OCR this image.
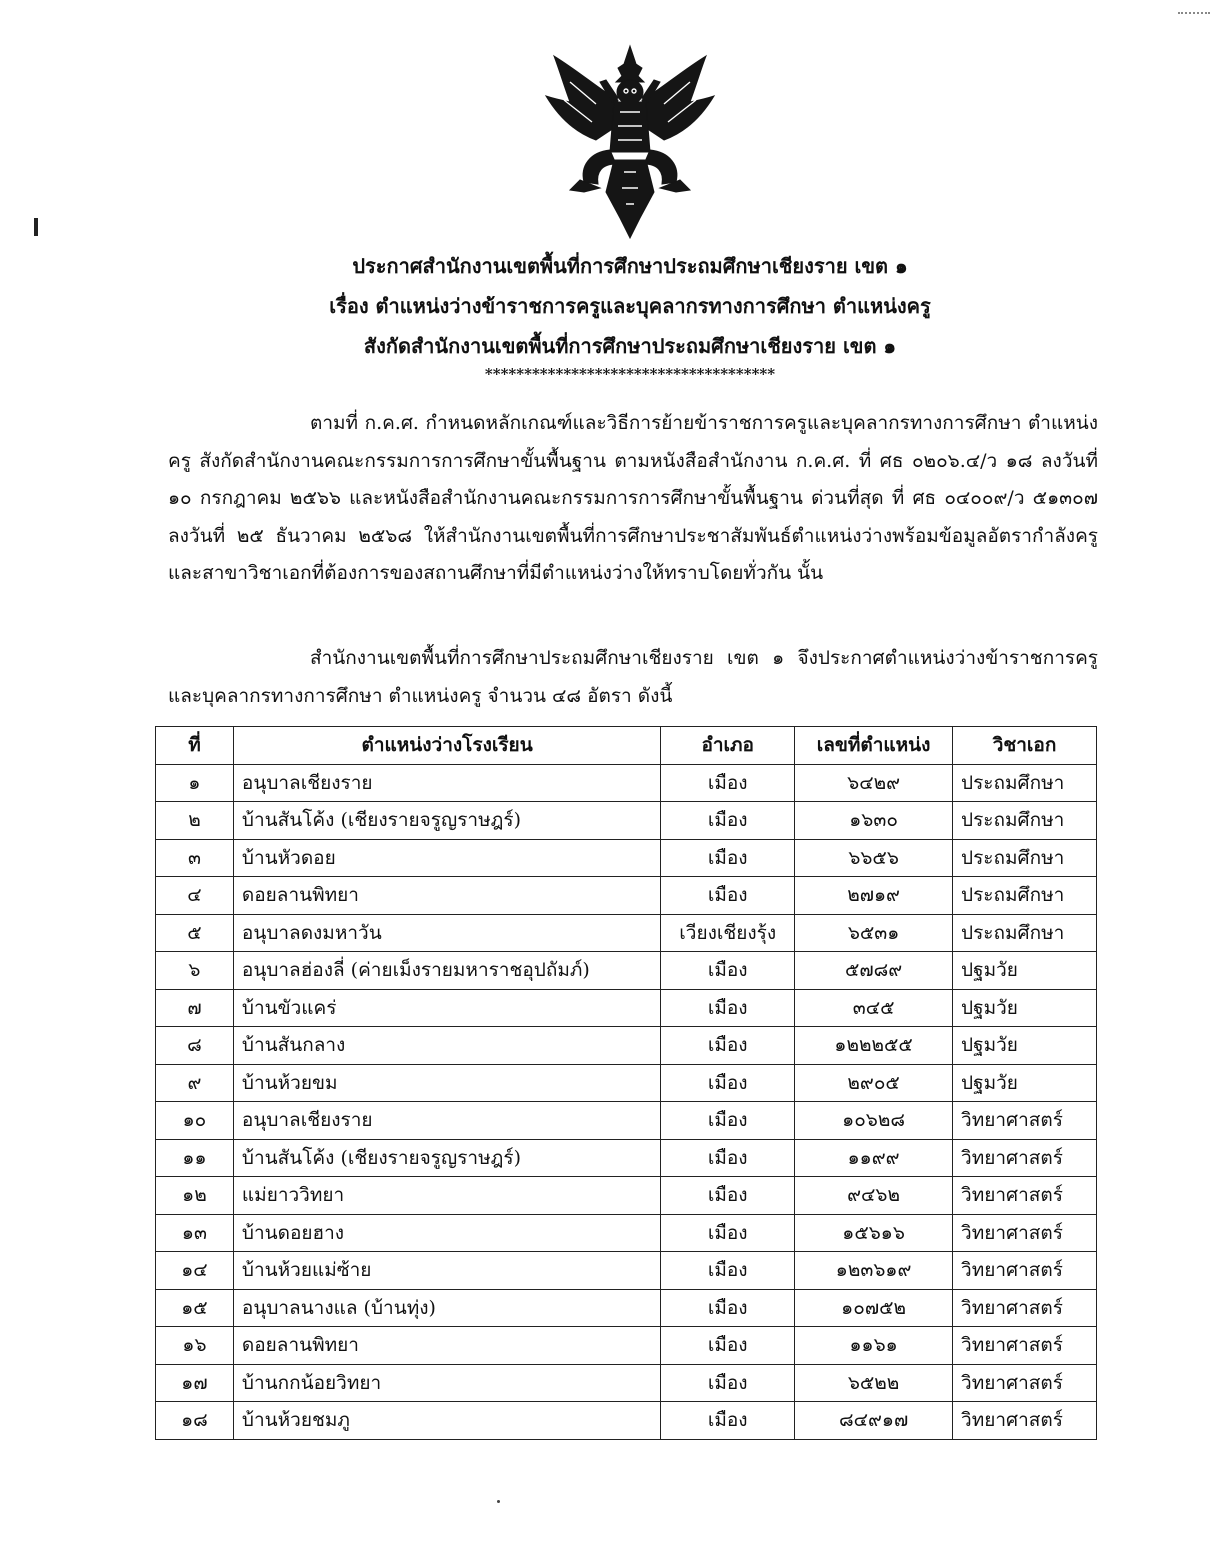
ประกาศสำนักงานเขตพื้นที่การศึกษาประถมศึกษาเชียงราย เขต ๑
เรื่อง ตำแหน่งว่างข้าราชการครูและบุคลากรทางการศึกษา ตำแหน่งครู
สังกัดสำนักงานเขตพื้นที่การศึกษาประถมศึกษาเชียงราย เขต ๑
*************************************

ตามที่ ก.ค.ศ. กำหนดหลักเกณฑ์และวิธีการย้ายข้าราชการครูและบุคลากรทางการศึกษา ตำแหน่งครู สังกัดสำนักงานคณะกรรมการการศึกษาขั้นพื้นฐาน ตามหนังสือสำนักงาน ก.ค.ศ. ที่ ศธ ๐๒๐๖.๔/ว ๑๘ ลงวันที่ ๑๐ กรกฎาคม ๒๕๖๖ และหนังสือสำนักงานคณะกรรมการการศึกษาขั้นพื้นฐาน ด่วนที่สุด ที่ ศธ ๐๔๐๐๙/ว ๕๑๓๐๗ ลงวันที่ ๒๕ ธันวาคม ๒๕๖๘ ให้สำนักงานเขตพื้นที่การศึกษาประชาสัมพันธ์ตำแหน่งว่างพร้อมข้อมูลอัตรากำลังครูและสาขาวิชาเอกที่ต้องการของสถานศึกษาที่มีตำแหน่งว่างให้ทราบโดยทั่วกัน นั้น

สำนักงานเขตพื้นที่การศึกษาประถมศึกษาเชียงราย เขต ๑ จึงประกาศตำแหน่งว่างข้าราชการครูและบุคลากรทางการศึกษา ตำแหน่งครู จำนวน ๔๘ อัตรา ดังนี้

ที่	ตำแหน่งว่างโรงเรียน	อำเภอ	เลขที่ตำแหน่ง	วิชาเอก
๑	อนุบาลเชียงราย	เมือง	๖๔๒๙	ประถมศึกษา
๒	บ้านสันโค้ง (เชียงรายจรูญราษฎร์)	เมือง	๑๖๓๐	ประถมศึกษา
๓	บ้านหัวดอย	เมือง	๖๖๕๖	ประถมศึกษา
๔	ดอยลานพิทยา	เมือง	๒๗๑๙	ประถมศึกษา
๕	อนุบาลดงมหาวัน	เวียงเชียงรุ้ง	๖๕๓๑	ประถมศึกษา
๖	อนุบาลฮ่องลี่ (ค่ายเม็งรายมหาราชอุปถัมภ์)	เมือง	๕๗๘๙	ปฐมวัย
๗	บ้านขัวแคร่	เมือง	๓๔๕	ปฐมวัย
๘	บ้านสันกลาง	เมือง	๑๒๒๒๕๕	ปฐมวัย
๙	บ้านห้วยขม	เมือง	๒๙๐๕	ปฐมวัย
๑๐	อนุบาลเชียงราย	เมือง	๑๐๖๒๘	วิทยาศาสตร์
๑๑	บ้านสันโค้ง (เชียงรายจรูญราษฎร์)	เมือง	๑๑๙๙	วิทยาศาสตร์
๑๒	แม่ยาววิทยา	เมือง	๙๔๖๒	วิทยาศาสตร์
๑๓	บ้านดอยฮาง	เมือง	๑๕๖๑๖	วิทยาศาสตร์
๑๔	บ้านห้วยแม่ซ้าย	เมือง	๑๒๓๖๑๙	วิทยาศาสตร์
๑๕	อนุบาลนางแล (บ้านทุ่ง)	เมือง	๑๐๗๕๒	วิทยาศาสตร์
๑๖	ดอยลานพิทยา	เมือง	๑๑๖๑	วิทยาศาสตร์
๑๗	บ้านกกน้อยวิทยา	เมือง	๖๕๒๒	วิทยาศาสตร์
๑๘	บ้านห้วยชมภู	เมือง	๘๔๙๑๗	วิทยาศาสตร์
